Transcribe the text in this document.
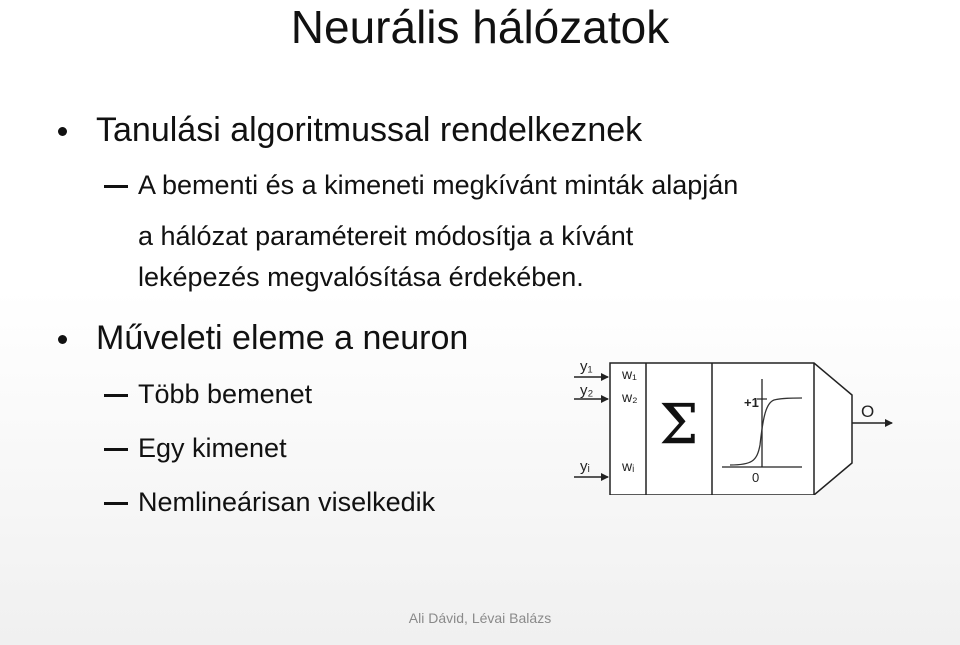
Neurális hálózatok
Tanulási algoritmussal rendelkeznek
A bementi és a kimeneti megkívánt minták alapján
a hálózat paramétereit módosítja a kívánt
leképezés megvalósítása érdekében.
Műveleti eleme a neuron
Több bemenet
Egy kimenet
Nemlineárisan viselkedik
y₁
y₂
yᵢ
w₁
w₂
wᵢ
Σ	+1
0
O
Ali Dávid, Lévai Balázs
